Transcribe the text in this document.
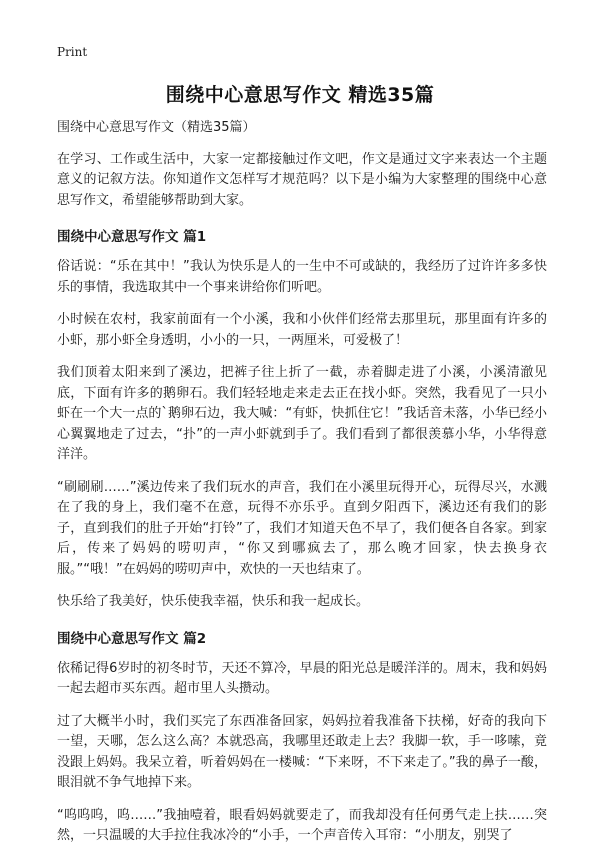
Print
围绕中心意思写作文 精选35篇

围绕中心意思写作文（精选35篇）

在学习、工作或生活中，大家一定都接触过作文吧，作文是通过文字来表达一个主题意义的记叙方法。你知道作文怎样写才规范吗？以下是小编为大家整理的围绕中心意思写作文，希望能够帮助到大家。

围绕中心意思写作文 篇1

俗话说：“乐在其中！”我认为快乐是人的一生中不可或缺的，我经历了过许许多多快乐的事情，我选取其中一个事来讲给你们听吧。

小时候在农村，我家前面有一个小溪，我和小伙伴们经常去那里玩，那里面有许多的小虾，那小虾全身透明，小小的一只，一两厘米，可爱极了！

我们顶着太阳来到了溪边，把裤子往上折了一截，赤着脚走进了小溪，小溪清澈见底，下面有许多的鹅卵石。我们轻轻地走来走去正在找小虾。突然，我看见了一只小虾在一个大一点的`鹅卵石边，我大喊：“有虾，快抓住它！”我话音未落，小华已经小心翼翼地走了过去，“扑”的一声小虾就到手了。我们看到了都很羡慕小华，小华得意洋洋。

“刷刷刷……”溪边传来了我们玩水的声音，我们在小溪里玩得开心，玩得尽兴，水溅在了我的身上，我们毫不在意，玩得不亦乐乎。直到夕阳西下，溪边还有我们的影子，直到我们的肚子开始“打铃”了，我们才知道天色不早了，我们便各自各家。到家后，传来了妈妈的唠叨声，“你又到哪疯去了，那么晚才回家，快去换身衣服。”“哦！”在妈妈的唠叨声中，欢快的一天也结束了。

快乐给了我美好，快乐使我幸福，快乐和我一起成长。

围绕中心意思写作文 篇2

依稀记得6岁时的初冬时节，天还不算冷，早晨的阳光总是暖洋洋的。周末，我和妈妈一起去超市买东西。超市里人头攒动。

过了大概半小时，我们买完了东西准备回家，妈妈拉着我准备下扶梯，好奇的我向下一望，天哪，怎么这么高？本就恐高，我哪里还敢走上去？我脚一软，手一哆嗦，竟没跟上妈妈。我呆立着，听着妈妈在一楼喊：“下来呀，不下来走了。”我的鼻子一酸，眼泪就不争气地掉下来。

“呜呜呜，呜……”我抽噎着，眼看妈妈就要走了，而我却没有任何勇气走上扶……突然，一只温暖的大手拉住我冰冷的“小手，一个声音传入耳帘：“小朋友，别哭了
